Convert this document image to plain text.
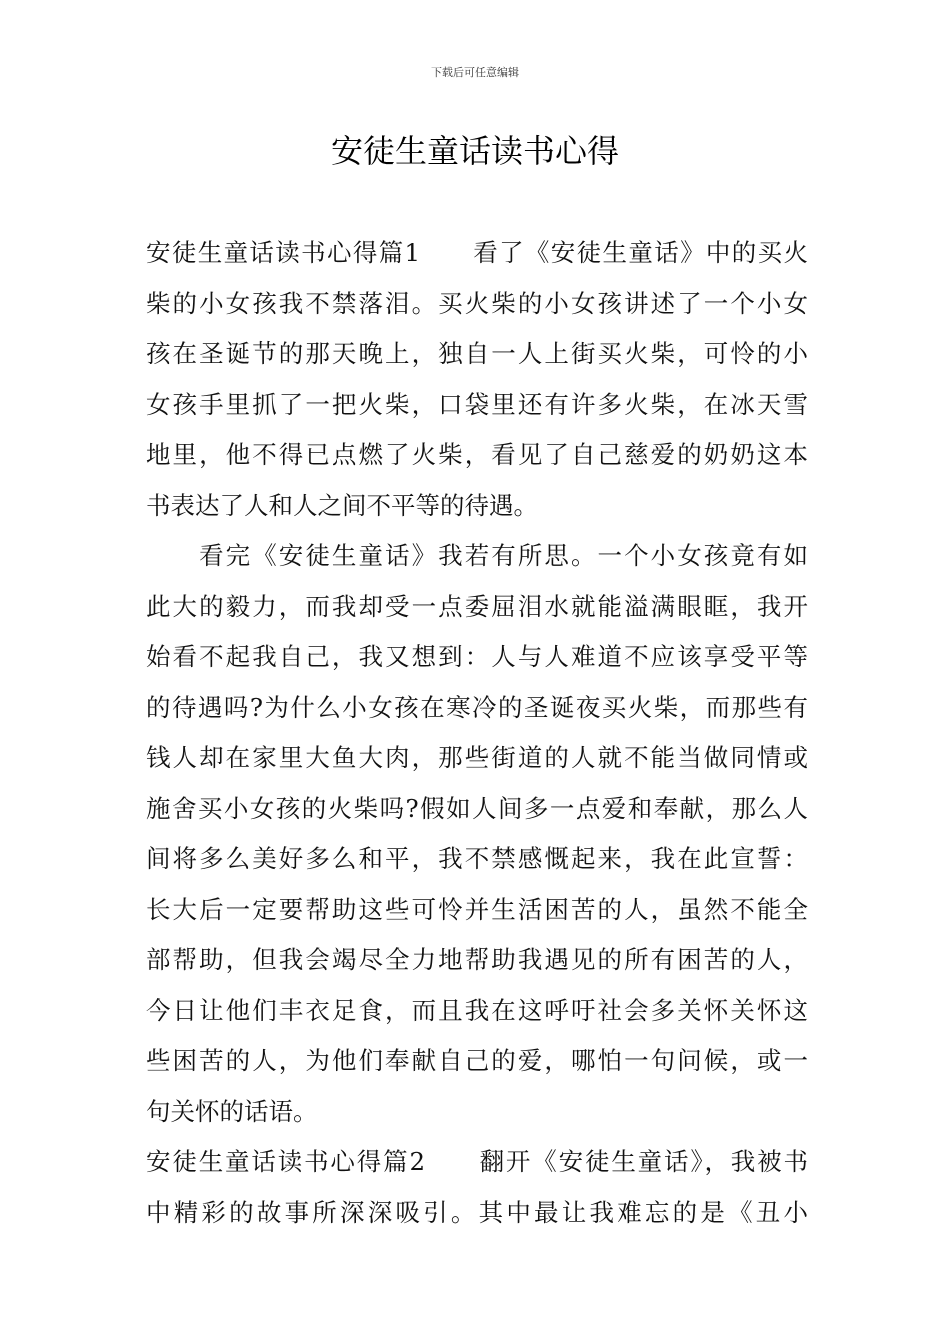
下载后可任意编辑
安徒生童话读书心得
安徒生童话读书心得篇1　　看了《安徒生童话》中的买火
柴的小女孩我不禁落泪。买火柴的小女孩讲述了一个小女
孩在圣诞节的那天晚上，独自一人上街买火柴，可怜的小
女孩手里抓了一把火柴，口袋里还有许多火柴，在冰天雪
地里，他不得已点燃了火柴，看见了自己慈爱的奶奶这本
书表达了人和人之间不平等的待遇。
　　看完《安徒生童话》我若有所思。一个小女孩竟有如
此大的毅力，而我却受一点委屈泪水就能溢满眼眶，我开
始看不起我自己，我又想到：人与人难道不应该享受平等
的待遇吗?为什么小女孩在寒冷的圣诞夜买火柴，而那些有
钱人却在家里大鱼大肉，那些街道的人就不能当做同情或
施舍买小女孩的火柴吗?假如人间多一点爱和奉献，那么人
间将多么美好多么和平，我不禁感慨起来，我在此宣誓：
长大后一定要帮助这些可怜并生活困苦的人，虽然不能全
部帮助，但我会竭尽全力地帮助我遇见的所有困苦的人，
今日让他们丰衣足食，而且我在这呼吁社会多关怀关怀这
些困苦的人，为他们奉献自己的爱，哪怕一句问候，或一
句关怀的话语。
安徒生童话读书心得篇2　　翻开《安徒生童话》，我被书
中精彩的故事所深深吸引。其中最让我难忘的是《丑小
